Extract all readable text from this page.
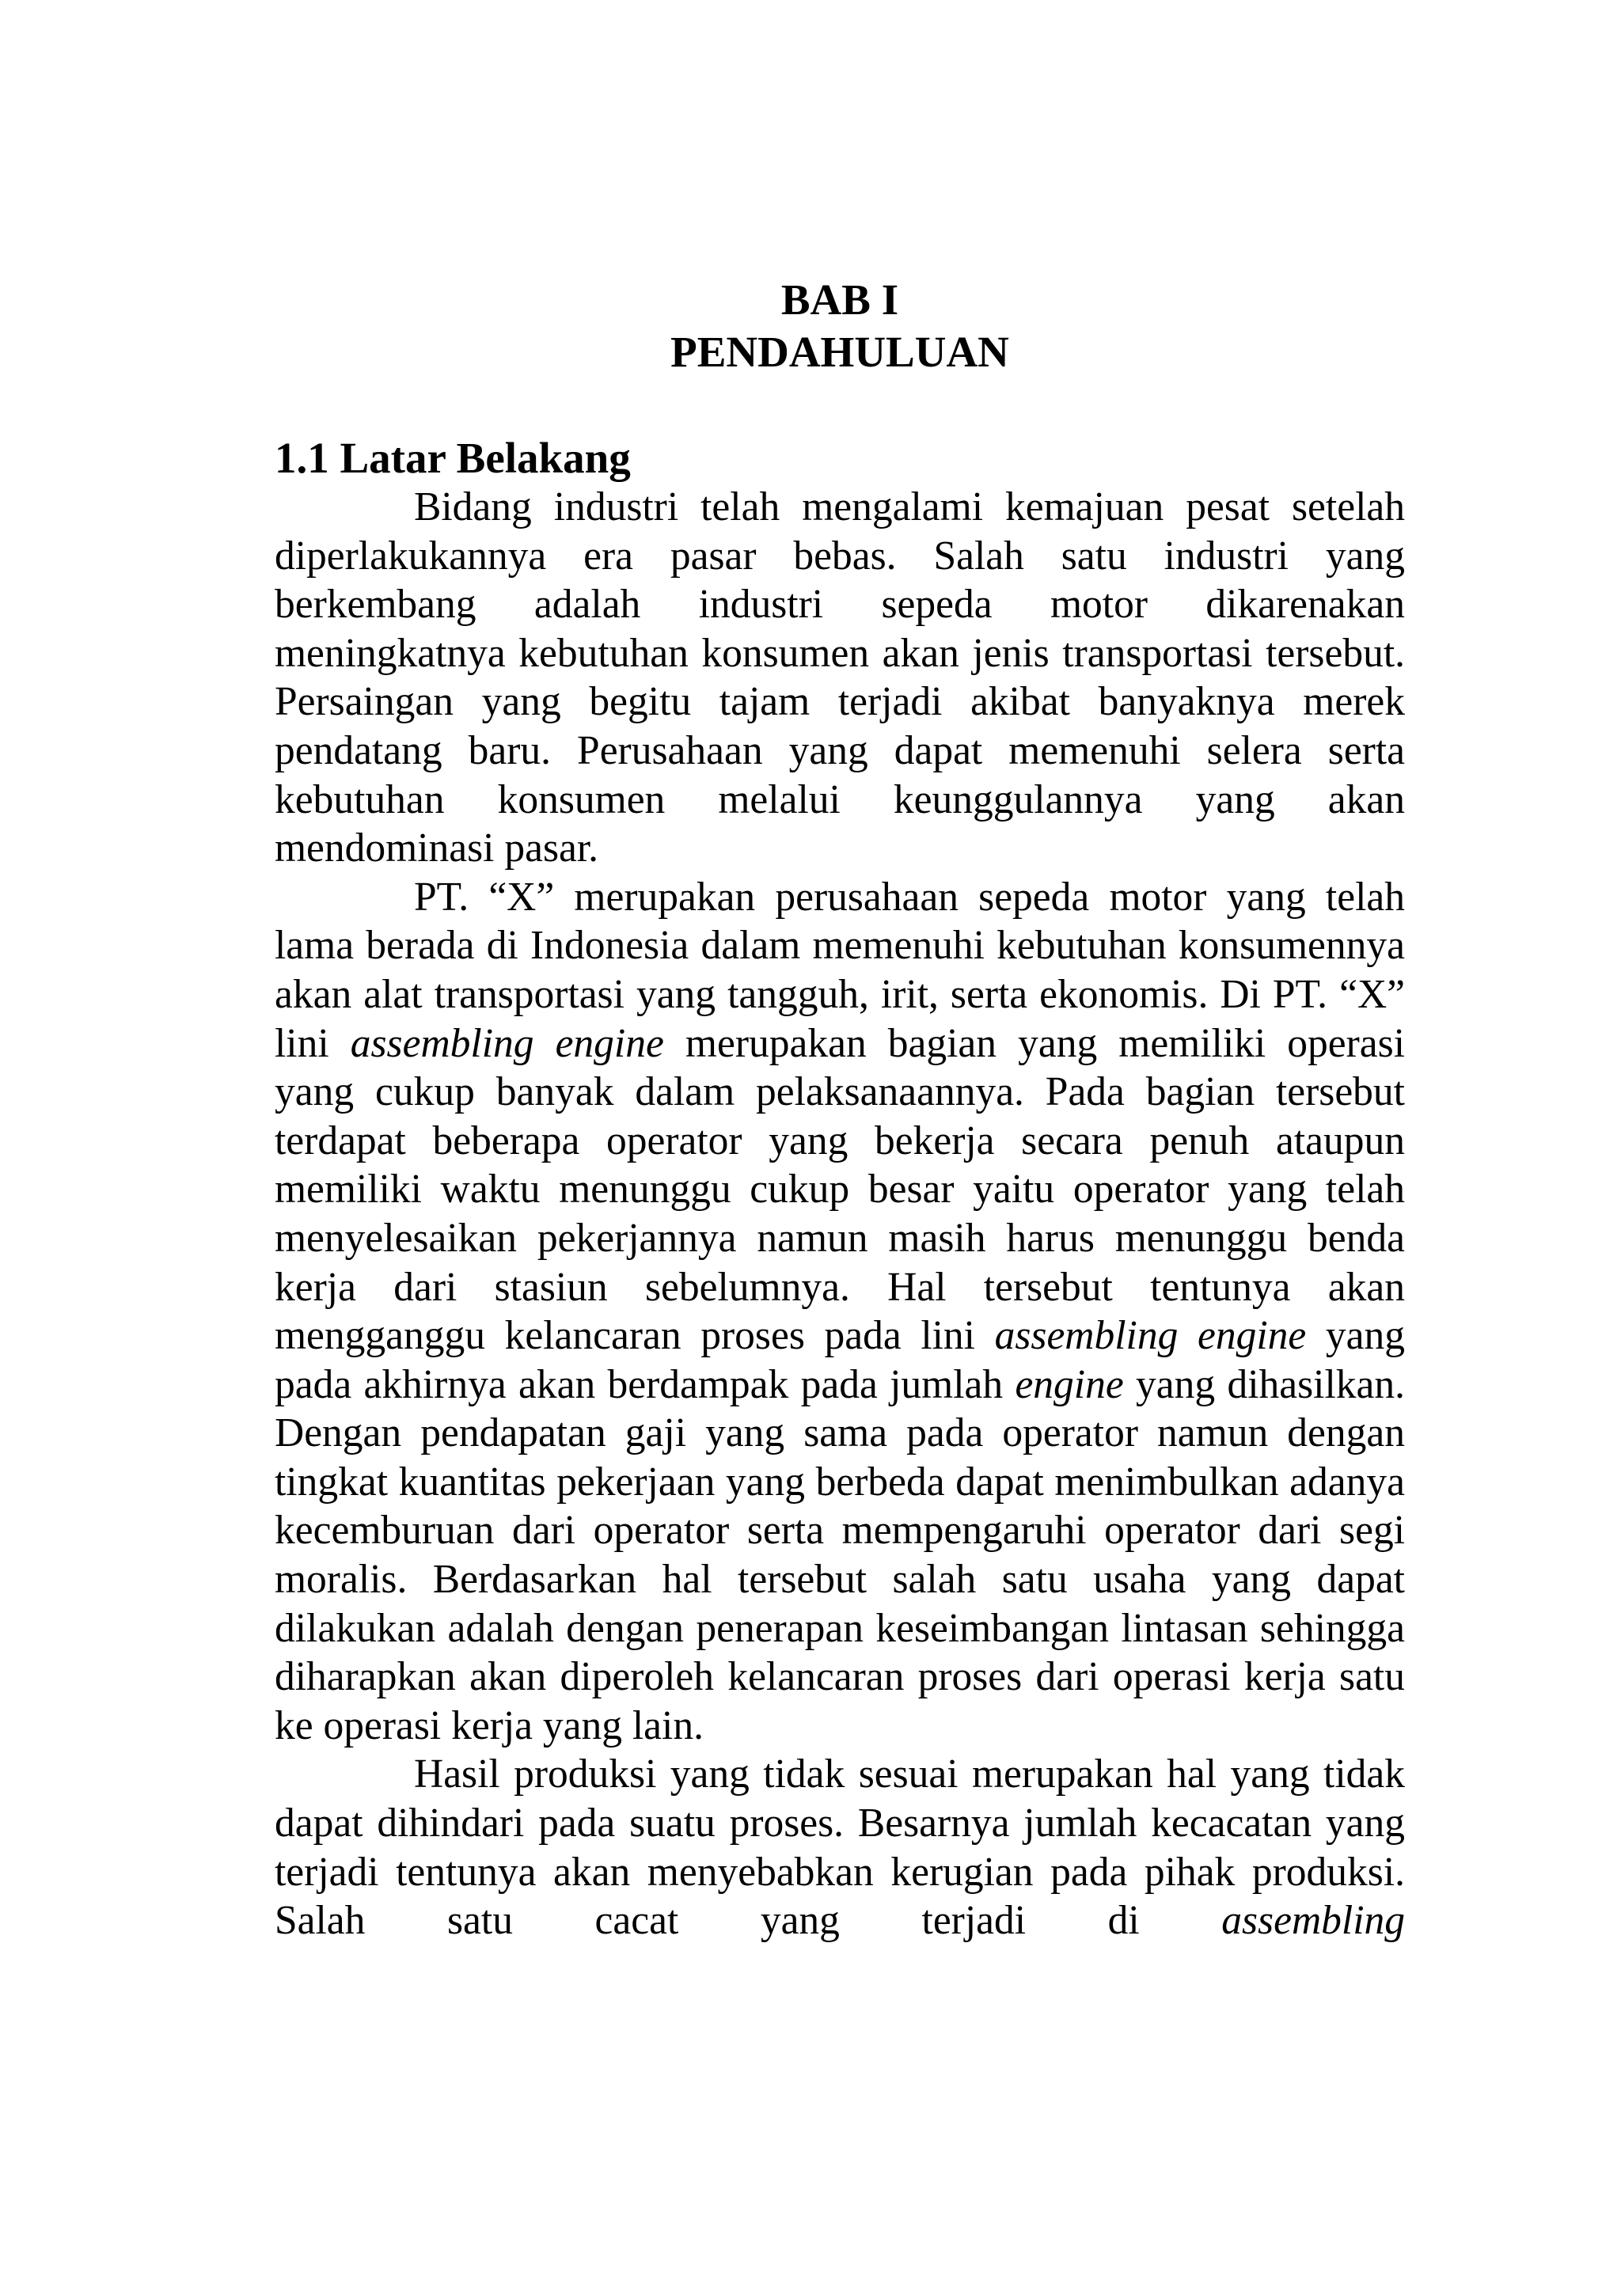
BAB I
PENDAHULUAN
1.1 Latar Belakang

Bidang industri telah mengalami kemajuan pesat setelah diperlakukannya era pasar bebas. Salah satu industri yang berkembang adalah industri sepeda motor dikarenakan meningkatnya kebutuhan konsumen akan jenis transportasi tersebut. Persaingan yang begitu tajam terjadi akibat banyaknya merek pendatang baru. Perusahaan yang dapat memenuhi selera serta kebutuhan konsumen melalui keunggulannya yang akan mendominasi pasar.

PT. “X” merupakan perusahaan sepeda motor yang telah lama berada di Indonesia dalam memenuhi kebutuhan konsumennya akan alat transportasi yang tangguh, irit, serta ekonomis. Di PT. “X” lini assembling engine merupakan bagian yang memiliki operasi yang cukup banyak dalam pelaksanaannya. Pada bagian tersebut terdapat beberapa operator yang bekerja secara penuh ataupun memiliki waktu menunggu cukup besar yaitu operator yang telah menyelesaikan pekerjannya namun masih harus menunggu benda kerja dari stasiun sebelumnya. Hal tersebut tentunya akan mengganggu kelancaran proses pada lini assembling engine yang pada akhirnya akan berdampak pada jumlah engine yang dihasilkan. Dengan pendapatan gaji yang sama pada operator namun dengan tingkat kuantitas pekerjaan yang berbeda dapat menimbulkan adanya kecemburuan dari operator serta mempengaruhi operator dari segi moralis. Berdasarkan hal tersebut salah satu usaha yang dapat dilakukan adalah dengan penerapan keseimbangan lintasan sehingga diharapkan akan diperoleh kelancaran proses dari operasi kerja satu ke operasi kerja yang lain.

Hasil produksi yang tidak sesuai merupakan hal yang tidak dapat dihindari pada suatu proses. Besarnya jumlah kecacatan yang terjadi tentunya akan menyebabkan kerugian pada pihak produksi. Salah satu cacat yang terjadi di assembling
